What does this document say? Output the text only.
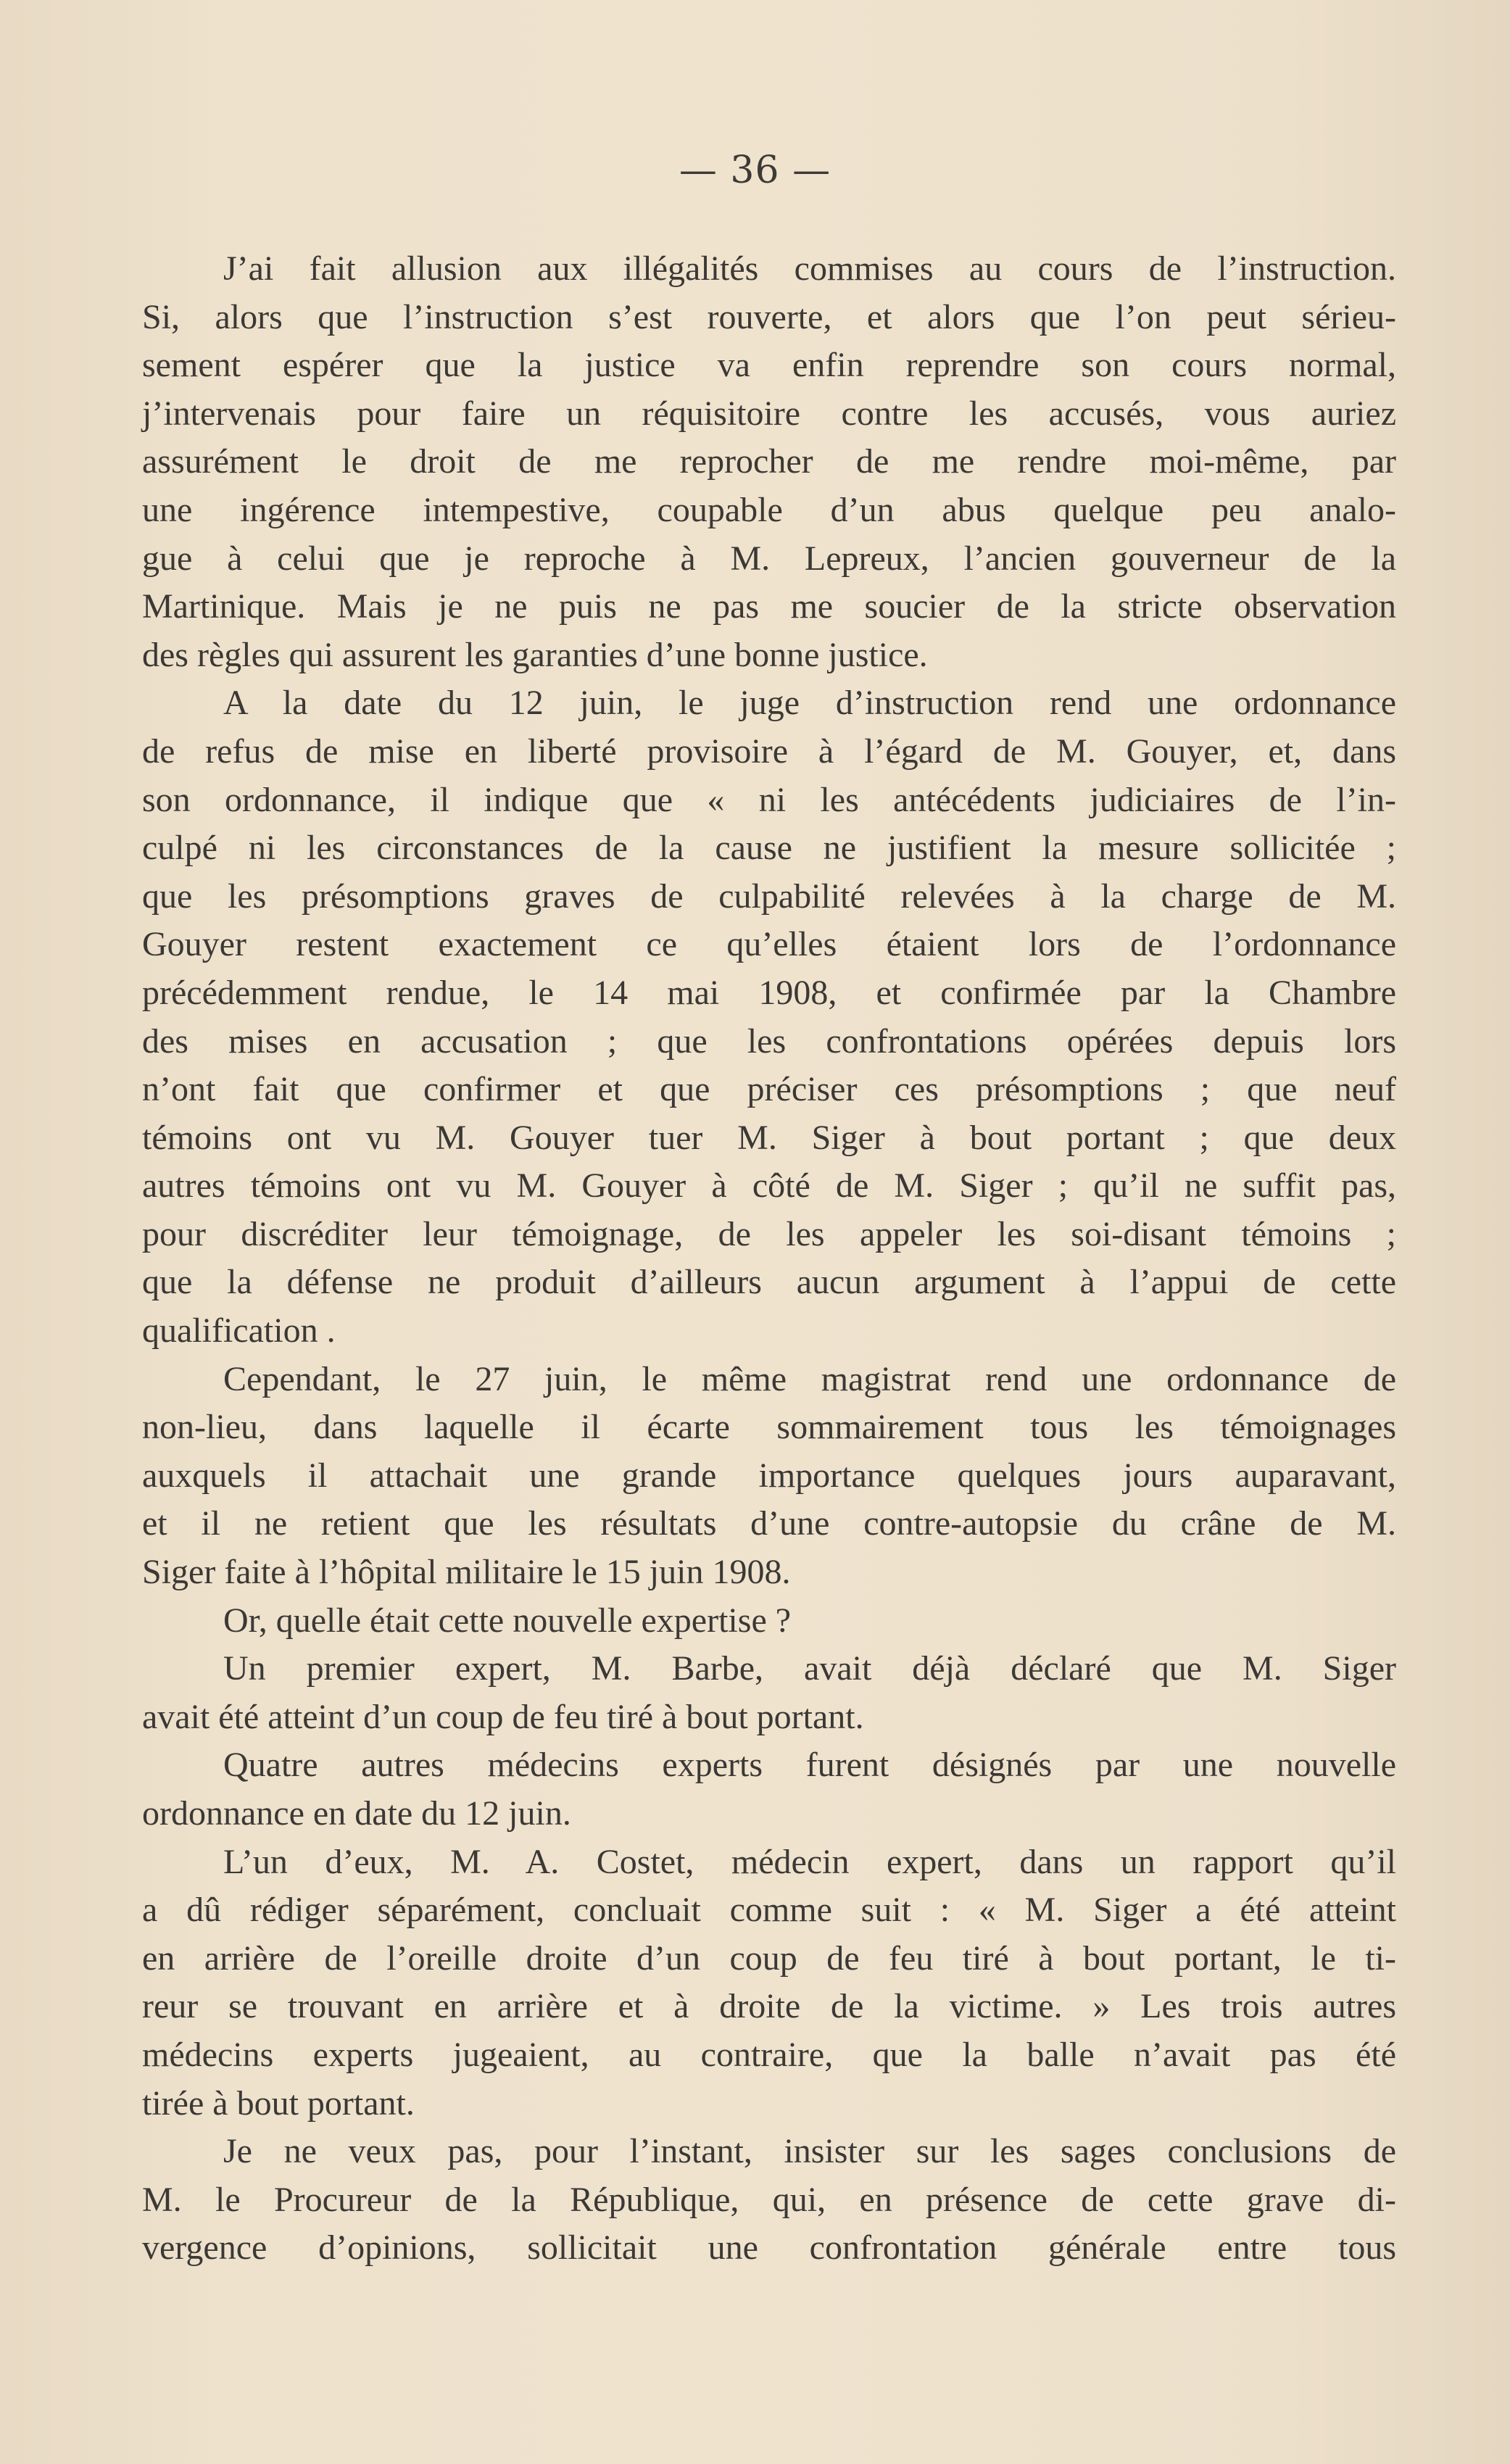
— 36 —
J’ai fait allusion aux illégalités commises au cours de l’instruction.
Si, alors que l’instruction s’est rouverte, et alors que l’on peut sérieu-
sement espérer que la justice va enfin reprendre son cours normal,
j’intervenais pour faire un réquisitoire contre les accusés, vous auriez
assurément le droit de me reprocher de me rendre moi-même, par
une ingérence intempestive, coupable d’un abus quelque peu analo-
gue à celui que je reproche à M. Lepreux, l’ancien gouverneur de la
Martinique. Mais je ne puis ne pas me soucier de la stricte observation
des règles qui assurent les garanties d’une bonne justice.
A la date du 12 juin, le juge d’instruction rend une ordonnance
de refus de mise en liberté provisoire à l’égard de M. Gouyer, et, dans
son ordonnance, il indique que « ni les antécédents judiciaires de l’in-
culpé ni les circonstances de la cause ne justifient la mesure sollicitée ;
que les présomptions graves de culpabilité relevées à la charge de M.
Gouyer restent exactement ce qu’elles étaient lors de l’ordonnance
précédemment rendue, le 14 mai 1908, et confirmée par la Chambre
des mises en accusation ; que les confrontations opérées depuis lors
n’ont fait que confirmer et que préciser ces présomptions ; que neuf
témoins ont vu M. Gouyer tuer M. Siger à bout portant ; que deux
autres témoins ont vu M. Gouyer à côté de M. Siger ; qu’il ne suffit pas,
pour discréditer leur témoignage, de les appeler les soi-disant témoins ;
que la défense ne produit d’ailleurs aucun argument à l’appui de cette
qualification .
Cependant, le 27 juin, le même magistrat rend une ordonnance de
non-lieu, dans laquelle il écarte sommairement tous les témoignages
auxquels il attachait une grande importance quelques jours auparavant,
et il ne retient que les résultats d’une contre-autopsie du crâne de M.
Siger faite à l’hôpital militaire le 15 juin 1908.
Or, quelle était cette nouvelle expertise ?
Un premier expert, M. Barbe, avait déjà déclaré que M. Siger
avait été atteint d’un coup de feu tiré à bout portant.
Quatre autres médecins experts furent désignés par une nouvelle
ordonnance en date du 12 juin.
L’un d’eux, M. A. Costet, médecin expert, dans un rapport qu’il
a dû rédiger séparément, concluait comme suit : « M. Siger a été atteint
en arrière de l’oreille droite d’un coup de feu tiré à bout portant, le ti-
reur se trouvant en arrière et à droite de la victime. » Les trois autres
médecins experts jugeaient, au contraire, que la balle n’avait pas été
tirée à bout portant.
Je ne veux pas, pour l’instant, insister sur les sages conclusions de
M. le Procureur de la République, qui, en présence de cette grave di-
vergence d’opinions, sollicitait une confrontation générale entre tous
